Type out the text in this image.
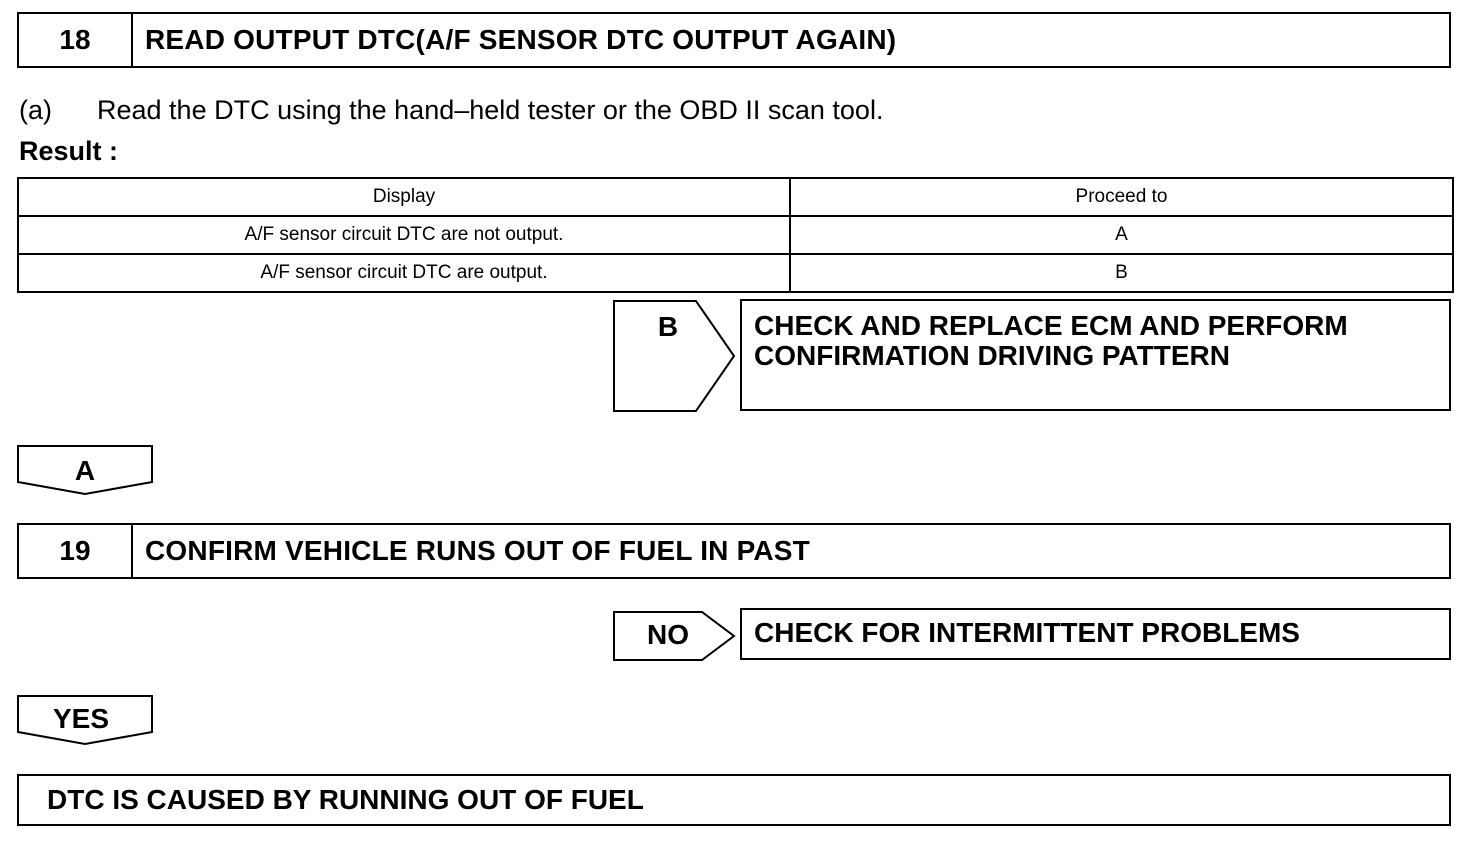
18	READ OUTPUT DTC(A/F SENSOR DTC OUTPUT AGAIN)
(a) Read the DTC using the hand–held tester or the OBD II scan tool.
Result :
Display	Proceed to
A/F sensor circuit DTC are not output.	A
A/F sensor circuit DTC are output.	B
B	CHECK AND REPLACE ECM AND PERFORM
CONFIRMATION DRIVING PATTERN
A
19	CONFIRM VEHICLE RUNS OUT OF FUEL IN PAST
NO	CHECK FOR INTERMITTENT PROBLEMS
YES
DTC IS CAUSED BY RUNNING OUT OF FUEL
